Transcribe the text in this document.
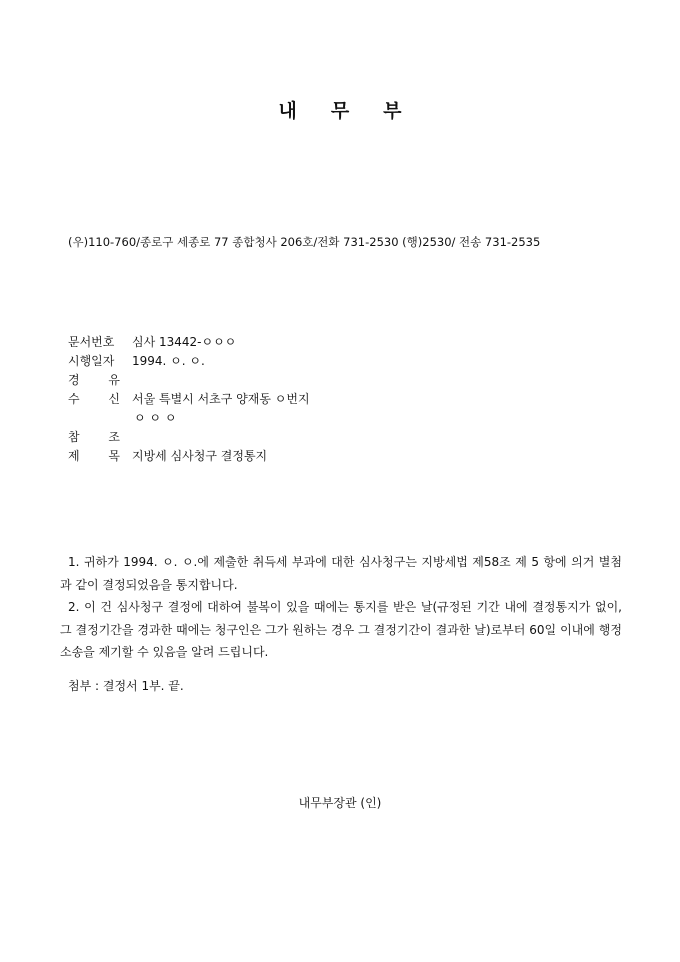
내무부
(우)110-760/종로구 세종로 77 종합청사 206호/전화 731-2530 (행)2530/ 전송 731-2535
문서번호	심사 13442-ㅇㅇㅇ
시행일자	1994. ㅇ. ㅇ.
경 유
수 신 서울 특별시 서초구 양재동 ㅇ번지
ㅇ ㅇ ㅇ
참 조
제 목 지방세 심사청구 결정통지

1. 귀하가 1994. ㅇ. ㅇ.에 제출한 취득세 부과에 대한 심사청구는 지방세법 제58조 제 5 항에 의거 별첨과 같이 결정되었음을 통지합니다.

2. 이 건 심사청구 결정에 대하여 불복이 있을 때에는 통지를 받은 날(규정된 기간 내에 결정통지가 없이, 그 결정기간을 경과한 때에는 청구인은 그가 원하는 경우 그 결정기간이 결과한 날)로부터 60일 이내에 행정소송을 제기할 수 있음을 알려 드립니다.

첨부 : 결정서 1부. 끝.
내무부장관 (인)
